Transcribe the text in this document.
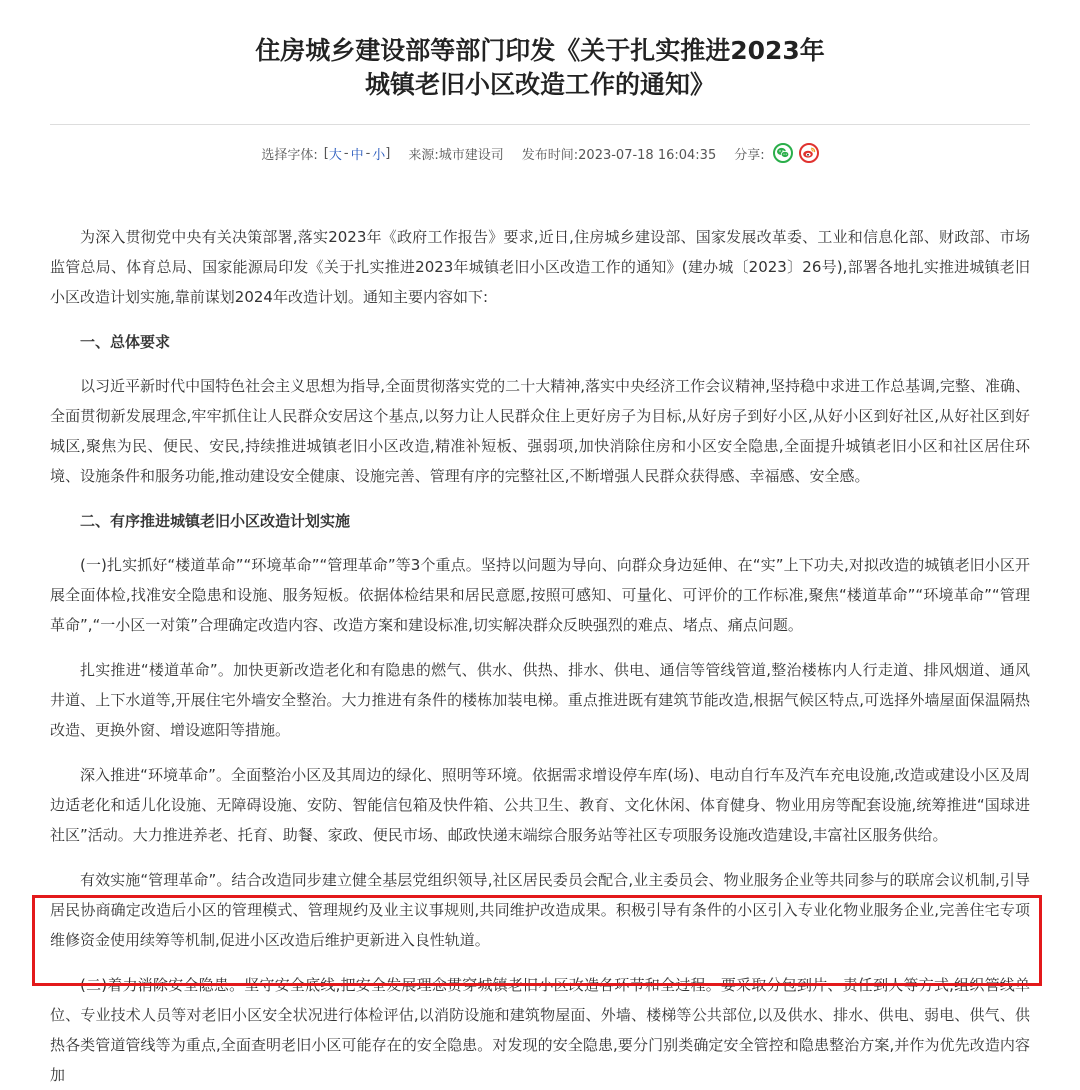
住房城乡建设部等部门印发《关于扎实推进2023年
城镇老旧小区改造工作的通知》
选择字体: [ 大 - 中 - 小 ] 来源:城市建设司 发布时间:2023-07-18 16:04:35 分享:

为深入贯彻党中央有关决策部署,落实2023年《政府工作报告》要求,近日,住房城乡建设部、国家发展改革委、工业和信息化部、财政部、市场监管总局、体育总局、国家能源局印发《关于扎实推进2023年城镇老旧小区改造工作的通知》(建办城〔2023〕26号),部署各地扎实推进城镇老旧小区改造计划实施,靠前谋划2024年改造计划。通知主要内容如下:

一、总体要求

以习近平新时代中国特色社会主义思想为指导,全面贯彻落实党的二十大精神,落实中央经济工作会议精神,坚持稳中求进工作总基调,完整、准确、全面贯彻新发展理念,牢牢抓住让人民群众安居这个基点,以努力让人民群众住上更好房子为目标,从好房子到好小区,从好小区到好社区,从好社区到好城区,聚焦为民、便民、安民,持续推进城镇老旧小区改造,精准补短板、强弱项,加快消除住房和小区安全隐患,全面提升城镇老旧小区和社区居住环境、设施条件和服务功能,推动建设安全健康、设施完善、管理有序的完整社区,不断增强人民群众获得感、幸福感、安全感。

二、有序推进城镇老旧小区改造计划实施

(一)扎实抓好“楼道革命”“环境革命”“管理革命”等3个重点。坚持以问题为导向、向群众身边延伸、在“实”上下功夫,对拟改造的城镇老旧小区开展全面体检,找准安全隐患和设施、服务短板。依据体检结果和居民意愿,按照可感知、可量化、可评价的工作标准,聚焦“楼道革命”“环境革命”“管理革命”,“一小区一对策”合理确定改造内容、改造方案和建设标准,切实解决群众反映强烈的难点、堵点、痛点问题。

扎实推进“楼道革命”。加快更新改造老化和有隐患的燃气、供水、供热、排水、供电、通信等管线管道,整治楼栋内人行走道、排风烟道、通风井道、上下水道等,开展住宅外墙安全整治。大力推进有条件的楼栋加装电梯。重点推进既有建筑节能改造,根据气候区特点,可选择外墙屋面保温隔热改造、更换外窗、增设遮阳等措施。

深入推进“环境革命”。全面整治小区及其周边的绿化、照明等环境。依据需求增设停车库(场)、电动自行车及汽车充电设施,改造或建设小区及周边适老化和适儿化设施、无障碍设施、安防、智能信包箱及快件箱、公共卫生、教育、文化休闲、体育健身、物业用房等配套设施,统筹推进“国球进社区”活动。大力推进养老、托育、助餐、家政、便民市场、邮政快递末端综合服务站等社区专项服务设施改造建设,丰富社区服务供给。

有效实施“管理革命”。结合改造同步建立健全基层党组织领导,社区居民委员会配合,业主委员会、物业服务企业等共同参与的联席会议机制,引导居民协商确定改造后小区的管理模式、管理规约及业主议事规则,共同维护改造成果。积极引导有条件的小区引入专业化物业服务企业,完善住宅专项维修资金使用续筹等机制,促进小区改造后维护更新进入良性轨道。

(二)着力消除安全隐患。坚守安全底线,把安全发展理念贯穿城镇老旧小区改造各环节和全过程。要采取分包到片、责任到人等方式,组织管线单位、专业技术人员等对老旧小区安全状况进行体检评估,以消防设施和建筑物屋面、外墙、楼梯等公共部位,以及供水、排水、供电、弱电、供气、供热各类管道管线等为重点,全面查明老旧小区可能存在的安全隐患。对发现的安全隐患,要分门别类确定安全管控和隐患整治方案,并作为优先改造内容加
